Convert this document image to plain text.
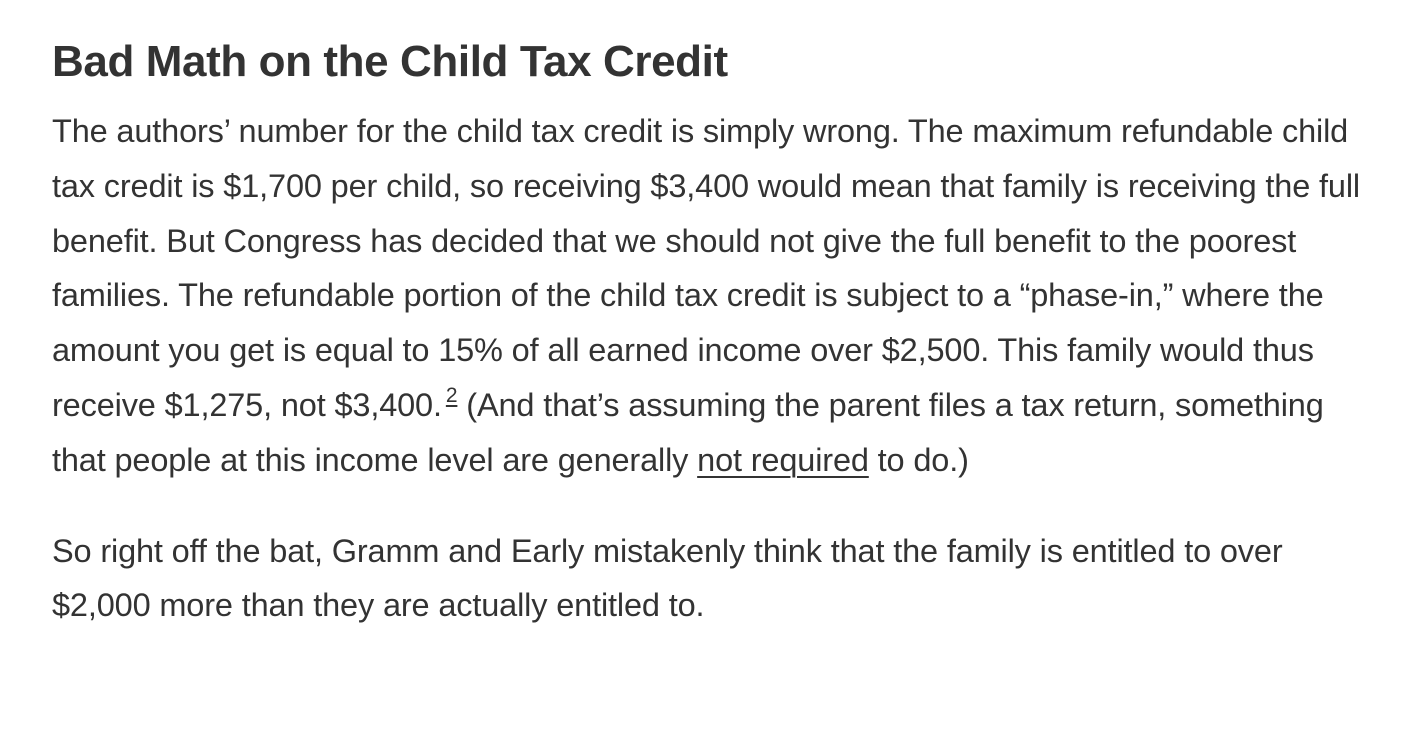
Bad Math on the Child Tax Credit

The authors’ number for the child tax credit is simply wrong. The maximum refundable child tax credit is $1,700 per child, so receiving $3,400 would mean that family is receiving the full benefit. But Congress has decided that we should not give the full benefit to the poorest families. The refundable portion of the child tax credit is subject to a “phase-in,” where the amount you get is equal to 15% of all earned income over $2,500. This family would thus receive $1,275, not $3,400. $^2$ (And that’s assuming the parent files a tax return, something that people at this income level are generally not required to do.)

So right off the bat, Gramm and Early mistakenly think that the family is entitled to over $2,000 more than they are actually entitled to.
